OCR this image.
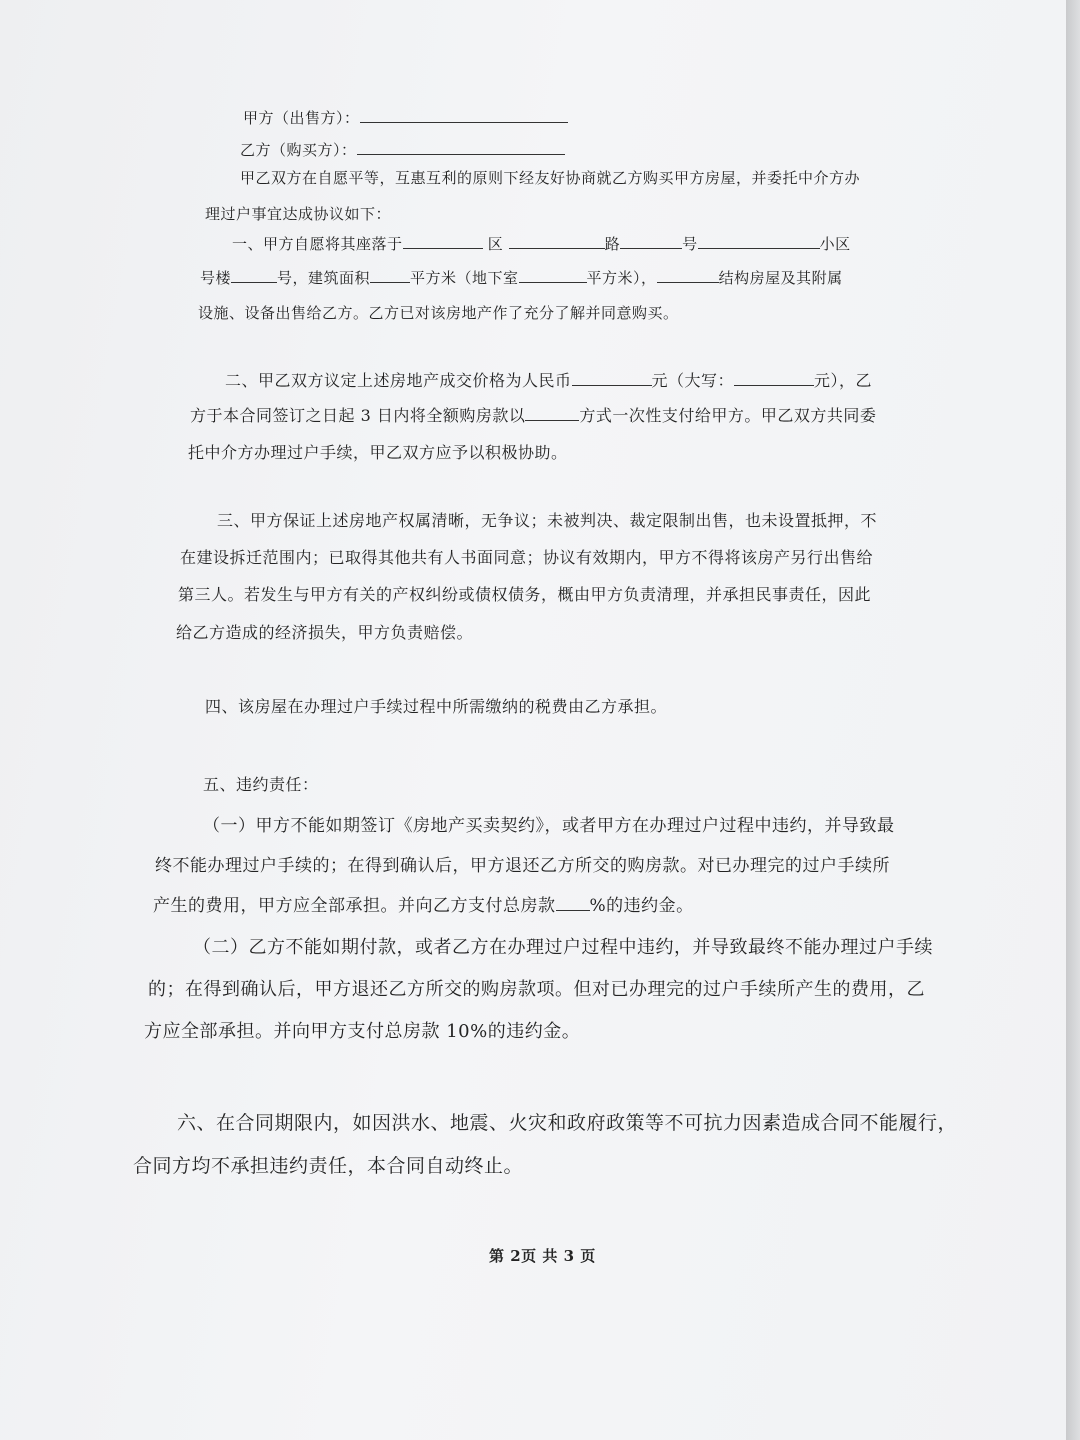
甲方（出售方）：
乙方（购买方）：
甲乙双方在自愿平等，互惠互利的原则下经友好协商就乙方购买甲方房屋，并委托中介方办
理过户事宜达成协议如下：
一、甲方自愿将其座落于	区	路	号	小区
号楼	号，建筑面积	平方米（地下室	平方米），	结构房屋及其附属
设施、设备出售给乙方。乙方已对该房地产作了充分了解并同意购买。
二、甲乙双方议定上述房地产成交价格为人民币	元（大写：	元），乙
方于本合同签订之日起 3 日内将全额购房款以	方式一次性支付给甲方。甲乙双方共同委
托中介方办理过户手续，甲乙双方应予以积极协助。
三、甲方保证上述房地产权属清晰，无争议；未被判决、裁定限制出售，也未设置抵押，不
在建设拆迁范围内；已取得其他共有人书面同意；协议有效期内，甲方不得将该房产另行出售给
第三人。若发生与甲方有关的产权纠纷或债权债务，概由甲方负责清理，并承担民事责任，因此
给乙方造成的经济损失，甲方负责赔偿。
四、该房屋在办理过户手续过程中所需缴纳的税费由乙方承担。
五、违约责任：
（一）甲方不能如期签订《房地产买卖契约》，或者甲方在办理过户过程中违约，并导致最
终不能办理过户手续的；在得到确认后，甲方退还乙方所交的购房款。对已办理完的过户手续所
产生的费用，甲方应全部承担。并向乙方支付总房款 %的违约金。
（二）乙方不能如期付款，或者乙方在办理过户过程中违约，并导致最终不能办理过户手续
的；在得到确认后，甲方退还乙方所交的购房款项。但对已办理完的过户手续所产生的费用，乙
方应全部承担。并向甲方支付总房款 10%的违约金。
六、在合同期限内，如因洪水、地震、火灾和政府政策等不可抗力因素造成合同不能履行，
合同方均不承担违约责任，本合同自动终止。
第 2页 共 3 页
